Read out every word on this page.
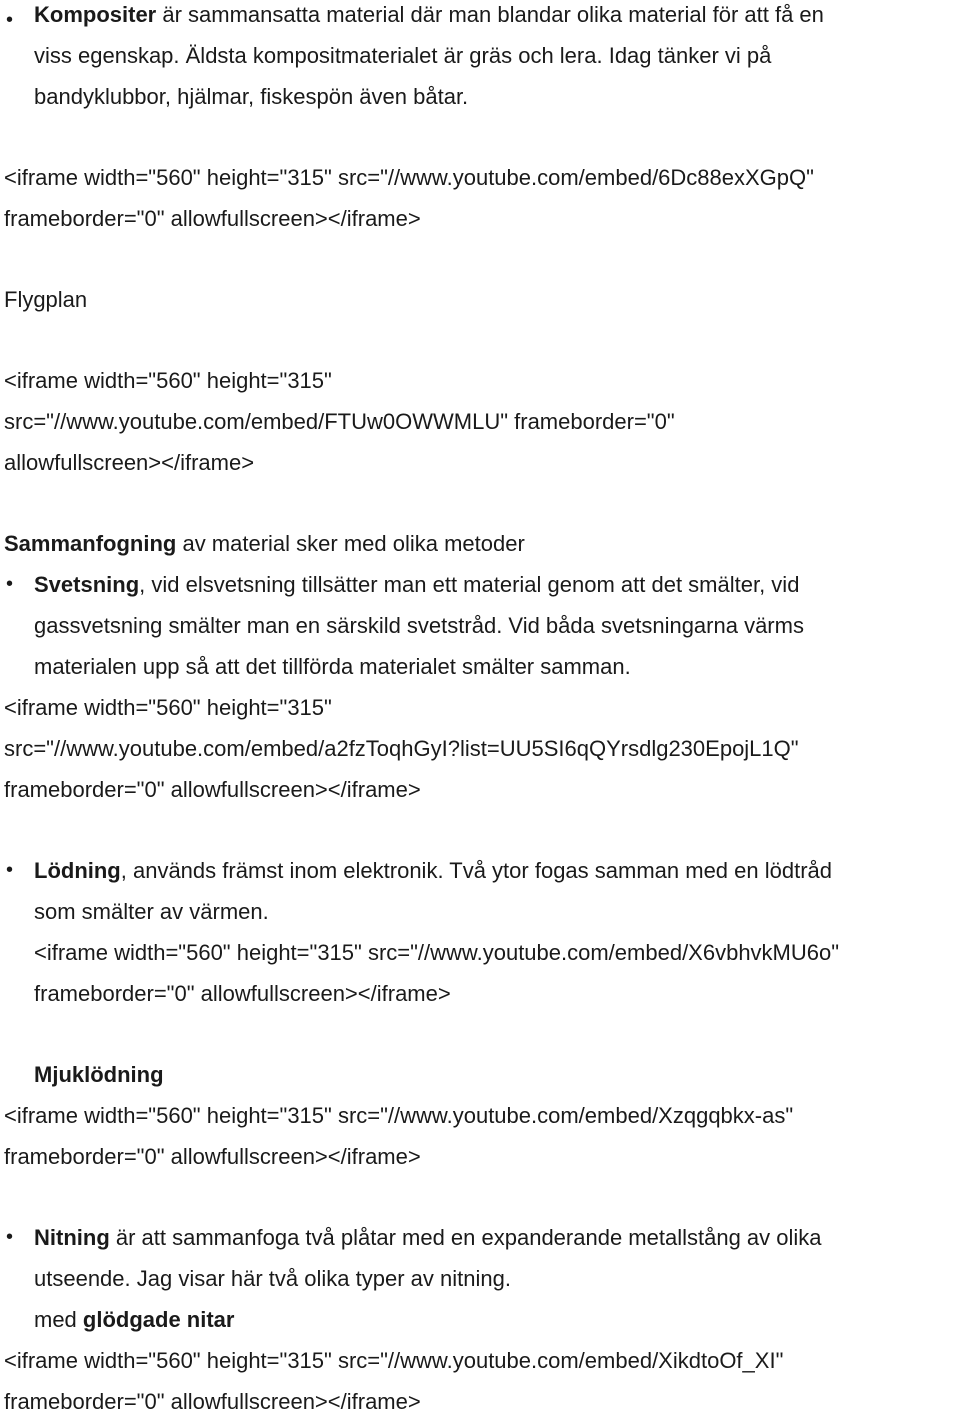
• Kompositer är sammansatta material där man blandar olika material för att få en
viss egenskap. Äldsta kompositmaterialet är gräs och lera. Idag tänker vi på
bandyklubbor, hjälmar, fiskespön även båtar.
<iframe width="560" height="315" src="//www.youtube.com/embed/6Dc88exXGpQ"
frameborder="0" allowfullscreen></iframe>
Flygplan
<iframe width="560" height="315"
src="//www.youtube.com/embed/FTUw0OWWMLU" frameborder="0"
allowfullscreen></iframe>
Sammanfogning av material sker med olika metoder
• Svetsning, vid elsvetsning tillsätter man ett material genom att det smälter, vid
gassvetsning smälter man en särskild svetstråd. Vid båda svetsningarna värms
materialen upp så att det tillförda materialet smälter samman.
<iframe width="560" height="315"
src="//www.youtube.com/embed/a2fzToqhGyI?list=UU5SI6qQYrsdlg230EpojL1Q"
frameborder="0" allowfullscreen></iframe>
• Lödning, används främst inom elektronik. Två ytor fogas samman med en lödtråd
som smälter av värmen.
<iframe width="560" height="315" src="//www.youtube.com/embed/X6vbhvkMU6o"
frameborder="0" allowfullscreen></iframe>
Mjuklödning
<iframe width="560" height="315" src="//www.youtube.com/embed/Xzqgqbkx-as"
frameborder="0" allowfullscreen></iframe>
• Nitning är att sammanfoga två plåtar med en expanderande metallstång av olika
utseende. Jag visar här två olika typer av nitning.
med glödgade nitar
<iframe width="560" height="315" src="//www.youtube.com/embed/XikdtoOf_XI"
frameborder="0" allowfullscreen></iframe>
